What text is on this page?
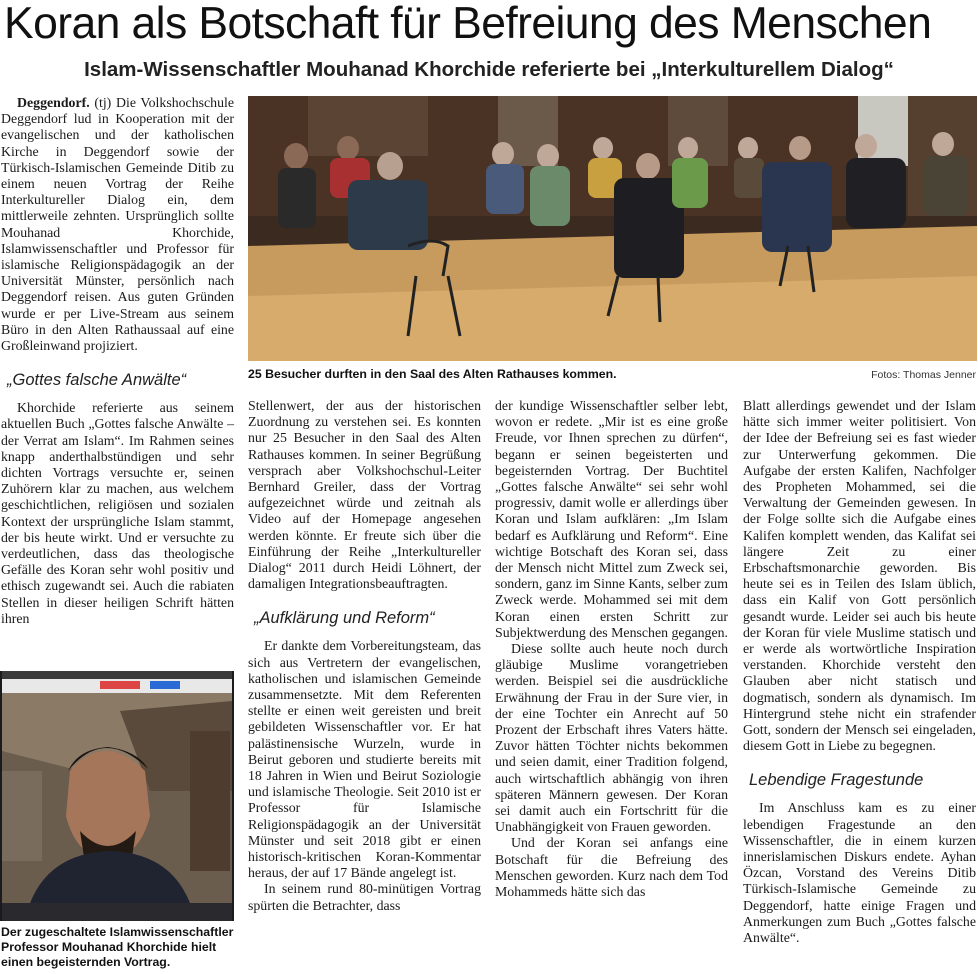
Koran als Botschaft für Befreiung des Menschen
Islam-Wissenschaftler Mouhanad Khorchide referierte bei „Interkulturellem Dialog“
25 Besucher durften in den Saal des Alten Rathauses kommen.	Fotos: Thomas Jenner
Der zugeschaltete Islamwissenschaftler Professor Mouhanad Khorchide hielt einen begeisternden Vortrag.

Deggendorf. (tj) Die Volkshochschule Deggendorf lud in Kooperation mit der evangelischen und der katholischen Kirche in Deggendorf sowie der Türkisch-Islamischen Gemeinde Ditib zu einem neuen Vortrag der Reihe Interkultureller Dialog ein, dem mittlerweile zehnten. Ursprünglich sollte Mouhanad Khorchide, Islamwissenschaftler und Professor für islamische Religionspädagogik an der Universität Münster, persönlich nach Deggendorf reisen. Aus guten Gründen wurde er per Live-Stream aus seinem Büro in den Alten Rathaussaal auf eine Großleinwand projiziert.

„Gottes falsche Anwälte“

Khorchide referierte aus seinem aktuellen Buch „Gottes falsche Anwälte – der Verrat am Islam“. Im Rahmen seines knapp anderthalbstündigen und sehr dichten Vortrags versuchte er, seinen Zuhörern klar zu machen, aus welchem geschichtlichen, religiösen und sozialen Kontext der ursprüngliche Islam stammt, der bis heute wirkt. Und er versuchte zu verdeutlichen, dass das theologische Gefälle des Koran sehr wohl positiv und ethisch zugewandt sei. Auch die rabiaten Stellen in dieser heiligen Schrift hätten ihren

Stellenwert, der aus der historischen Zuordnung zu verstehen sei. Es konnten nur 25 Besucher in den Saal des Alten Rathauses kommen. In seiner Begrüßung versprach aber Volkshochschul-Leiter Bernhard Greiler, dass der Vortrag aufgezeichnet würde und zeitnah als Video auf der Homepage angesehen werden könnte. Er freute sich über die Einführung der Reihe „Interkultureller Dialog“ 2011 durch Heidi Löhnert, der damaligen Integrationsbeauftragten.

„Aufklärung und Reform“

Er dankte dem Vorbereitungsteam, das sich aus Vertretern der evangelischen, katholischen und islamischen Gemeinde zusammensetzte. Mit dem Referenten stellte er einen weit gereisten und breit gebildeten Wissenschaftler vor. Er hat palästinensische Wurzeln, wurde in Beirut geboren und studierte bereits mit 18 Jahren in Wien und Beirut Soziologie und islamische Theologie. Seit 2010 ist er Professor für Islamische Religionspädagogik an der Universität Münster und seit 2018 gibt er einen historisch-kritischen Koran-Kommentar heraus, der auf 17 Bände angelegt ist.

In seinem rund 80-minütigen Vortrag spürten die Betrachter, dass

der kundige Wissenschaftler selber lebt, wovon er redete. „Mir ist es eine große Freude, vor Ihnen sprechen zu dürfen“, begann er seinen begeisterten und begeisternden Vortrag. Der Buchtitel „Gottes falsche Anwälte“ sei sehr wohl progressiv, damit wolle er allerdings über Koran und Islam aufklären: „Im Islam bedarf es Aufklärung und Reform“. Eine wichtige Botschaft des Koran sei, dass der Mensch nicht Mittel zum Zweck sei, sondern, ganz im Sinne Kants, selber zum Zweck werde. Mohammed sei mit dem Koran einen ersten Schritt zur Subjektwerdung des Menschen gegangen.

Diese sollte auch heute noch durch gläubige Muslime vorangetrieben werden. Beispiel sei die ausdrückliche Erwähnung der Frau in der Sure vier, in der eine Tochter ein Anrecht auf 50 Prozent der Erbschaft ihres Vaters hätte. Zuvor hätten Töchter nichts bekommen und seien damit, einer Tradition folgend, auch wirtschaftlich abhängig von ihren späteren Männern gewesen. Der Koran sei damit auch ein Fortschritt für die Unabhängigkeit von Frauen geworden.

Und der Koran sei anfangs eine Botschaft für die Befreiung des Menschen geworden. Kurz nach dem Tod Mohammeds hätte sich das

Blatt allerdings gewendet und der Islam hätte sich immer weiter politisiert. Von der Idee der Befreiung sei es fast wieder zur Unterwerfung gekommen. Die Aufgabe der ersten Kalifen, Nachfolger des Propheten Mohammed, sei die Verwaltung der Gemeinden gewesen. In der Folge sollte sich die Aufgabe eines Kalifen komplett wenden, das Kalifat sei längere Zeit zu einer Erbschaftsmonarchie geworden. Bis heute sei es in Teilen des Islam üblich, dass ein Kalif von Gott persönlich gesandt wurde. Leider sei auch bis heute der Koran für viele Muslime statisch und er werde als wortwörtliche Inspiration verstanden. Khorchide versteht den Glauben aber nicht statisch und dogmatisch, sondern als dynamisch. Im Hintergrund stehe nicht ein strafender Gott, sondern der Mensch sei eingeladen, diesem Gott in Liebe zu begegnen.

Lebendige Fragestunde

Im Anschluss kam es zu einer lebendigen Fragestunde an den Wissenschaftler, die in einem kurzen innerislamischen Diskurs endete. Ayhan Özcan, Vorstand des Vereins Ditib Türkisch-Islamische Gemeinde zu Deggendorf, hatte einige Fragen und Anmerkungen zum Buch „Gottes falsche Anwälte“.
